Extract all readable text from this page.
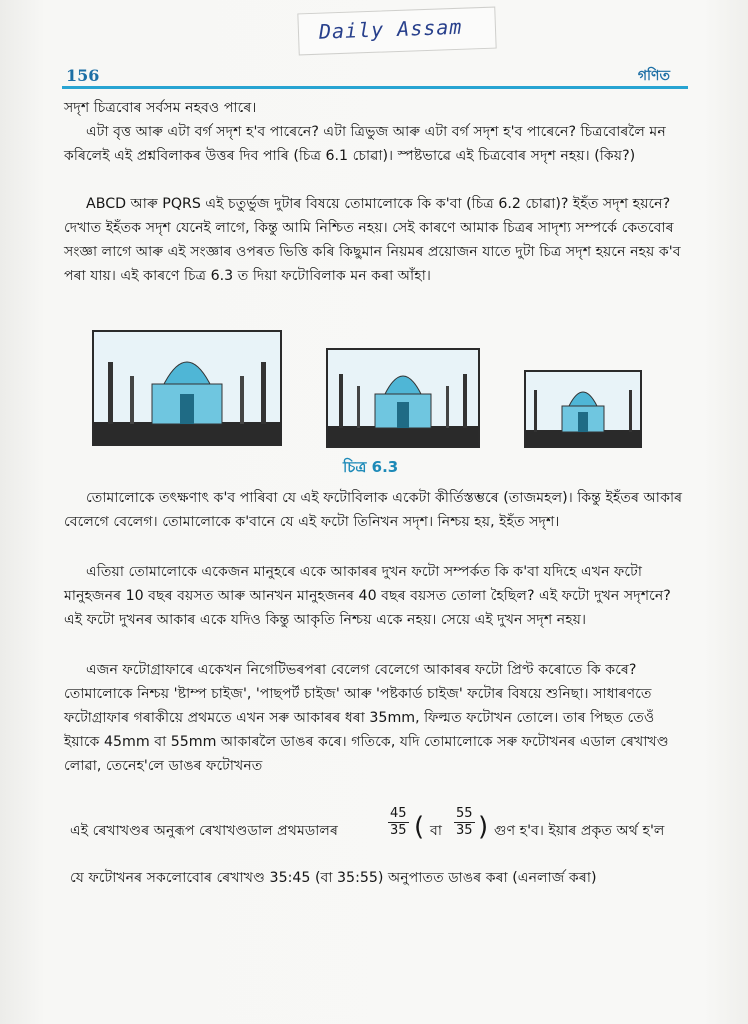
Daily Assam
156	গণিত

সদৃশ চিত্ৰবোৰ সৰ্বসম নহবও পাৰে।

এটা বৃত্ত আৰু এটা বৰ্গ সদৃশ হ'ব পাৰেনে? এটা ত্ৰিভুজ আৰু এটা বৰ্গ সদৃশ হ'ব পাৰেনে? চিত্ৰবোৰলৈ মন কৰিলেই এই প্ৰশ্নবিলাকৰ উত্তৰ দিব পাৰি (চিত্ৰ 6.1 চোৱা)। স্পষ্টভাৱে এই চিত্ৰবোৰ সদৃশ নহয়। (কিয়?)

ABCD আৰু PQRS এই চতুৰ্ভুজ দুটাৰ বিষয়ে তোমালোকে কি ক'বা (চিত্ৰ 6.2 চোৱা)? ইহঁত সদৃশ হয়নে? দেখাত ইহঁতক সদৃশ যেনেই লাগে, কিন্তু আমি নিশ্চিত নহয়। সেই কাৰণে আমাক চিত্ৰৰ সাদৃশ্য সম্পৰ্কে কেতবোৰ সংজ্ঞা লাগে আৰু এই সংজ্ঞাৰ ওপৰত ভিত্তি কৰি কিছুমান নিয়মৰ প্ৰয়োজন যাতে দুটা চিত্ৰ সদৃশ হয়নে নহয় ক'ব পৰা যায়। এই কাৰণে চিত্ৰ 6.3 ত দিয়া ফটোবিলাক মন কৰা আঁহা।

চিত্ৰ 6.3

তোমালোকে তৎক্ষণাৎ ক'ব পাৰিবা যে এই ফটোবিলাক একেটা কীৰ্তিস্তম্ভৰে (তাজমহল)। কিন্তু ইহঁতৰ আকাৰ বেলেগে বেলেগ। তোমালোকে ক'বানে যে এই ফটো তিনিখন সদৃশ। নিশ্চয় হয়, ইহঁত সদৃশ।

এতিয়া তোমালোকে একেজন মানুহৰে একে আকাৰৰ দুখন ফটো সম্পৰ্কত কি ক'বা যদিহে এখন ফটো মানুহজনৰ 10 বছৰ বয়সত আৰু আনখন মানুহজনৰ 40 বছৰ বয়সত তোলা হৈছিল? এই ফটো দুখন সদৃশনে? এই ফটো দুখনৰ আকাৰ একে যদিও কিন্তু আকৃতি নিশ্চয় একে নহয়। সেয়ে এই দুখন সদৃশ নহয়।

এজন ফটোগ্ৰাফাৰে একেখন নিগেটিভৰপৰা বেলেগ বেলেগে আকাৰৰ ফটো প্ৰিণ্ট কৰোতে কি কৰে? তোমালোকে নিশ্চয় 'ষ্টাম্প চাইজ', 'পাছপৰ্ট চাইজ' আৰু 'পষ্টকাৰ্ড চাইজ' ফটোৰ বিষয়ে শুনিছা। সাধাৰণতে ফটোগ্ৰাফাৰ গৰাকীয়ে প্ৰথমতে এখন সৰু আকাৰৰ ধৰা 35mm, ফিল্মত ফটোখন তোলে। তাৰ পিছত তেওঁ ইয়াকে 45mm বা 55mm আকাৰলৈ ডাঙৰ কৰে। গতিকে, যদি তোমালোকে সৰু ফটোখনৰ এডাল ৰেখাখণ্ড লোৱা, তেনেহ'লে ডাঙৰ ফটোখনত

এই ৰেখাখণ্ডৰ অনুৰূপ ৰেখাখণ্ডডাল প্ৰথমডালৰ	$\frac{45}{35}$ ( বা $\frac{55}{35}$ ) গুণ হ'ব। ইয়াৰ প্ৰকৃত অৰ্থ হ'ল

যে ফটোখনৰ সকলোবোৰ ৰেখাখণ্ড 35:45 (বা 35:55) অনুপাতত ডাঙৰ কৰা (এনলাৰ্জ কৰা)
